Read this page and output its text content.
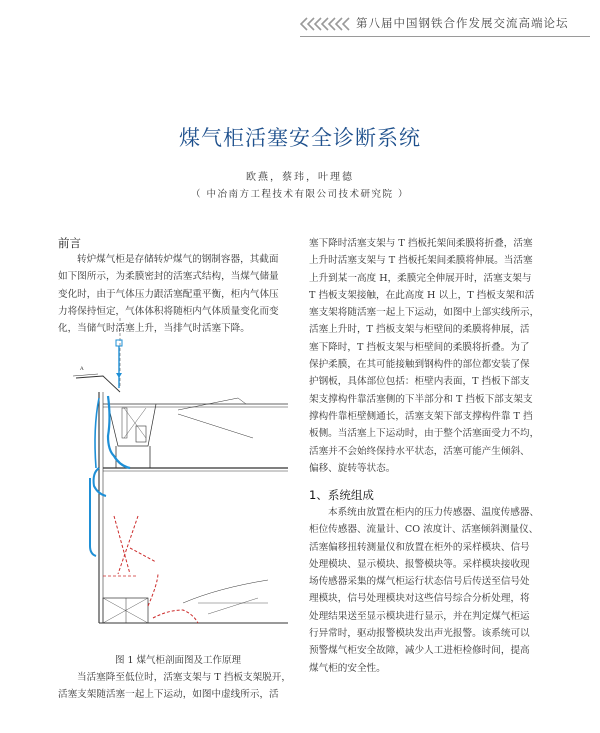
第八届中国钢铁合作发展交流高端论坛
煤气柜活塞安全诊断系统
欧燕，蔡玮，叶理德
（ 中冶南方工程技术有限公司技术研究院 ）
前言
转炉煤气柜是存储转炉煤气的钢制容器，其截面
如下图所示，为柔膜密封的活塞式结构，当煤气储量
变化时，由于气体压力跟活塞配重平衡，柜内气体压
力将保持恒定，气体体积将随柜内气体质量变化而变
化，当储气时活塞上升，当排气时活塞下降。
A
图 1 煤气柜剖面图及工作原理
当活塞降至低位时，活塞支架与 T 挡板支架脱开，
活塞支架随活塞一起上下运动，如图中虚线所示，活
塞下降时活塞支架与 T 挡板托架间柔膜将折叠，活塞
上升时活塞支架与 T 挡板托架间柔膜将伸展。当活塞
上升到某一高度 H，柔膜完全伸展开时，活塞支架与
T 挡板支架接触，在此高度 H 以上，T 挡板支架和活
塞支架将随活塞一起上下运动，如图中上部实线所示，
活塞上升时，T 挡板支架与柜壁间的柔膜将伸展，活
塞下降时，T 挡板支架与柜壁间的柔膜将折叠。为了
保护柔膜，在其可能接触到钢构件的部位都安装了保
护钢板，具体部位包括：柜壁内表面，T 挡板下部支
架支撑构件靠活塞侧的下半部分和 T 挡板下部支架支
撑构件靠柜壁侧通长，活塞支架下部支撑构件靠 T 挡
板侧。当活塞上下运动时，由于整个活塞面受力不均，
活塞并不会始终保持水平状态，活塞可能产生倾斜、
偏移、旋转等状态。
1、系统组成
本系统由放置在柜内的压力传感器、温度传感器、
柜位传感器、流量计、CO 浓度计、活塞倾斜测量仪、
活塞偏移扭转测量仪和放置在柜外的采样模块、信号
处理模块、显示模块、报警模块等。采样模块接收现
场传感器采集的煤气柜运行状态信号后传送至信号处
理模块，信号处理模块对这些信号综合分析处理，将
处理结果送至显示模块进行显示，并在判定煤气柜运
行异常时，驱动报警模块发出声光报警。该系统可以
预警煤气柜安全故障，减少人工进柜检修时间，提高
煤气柜的安全性。
